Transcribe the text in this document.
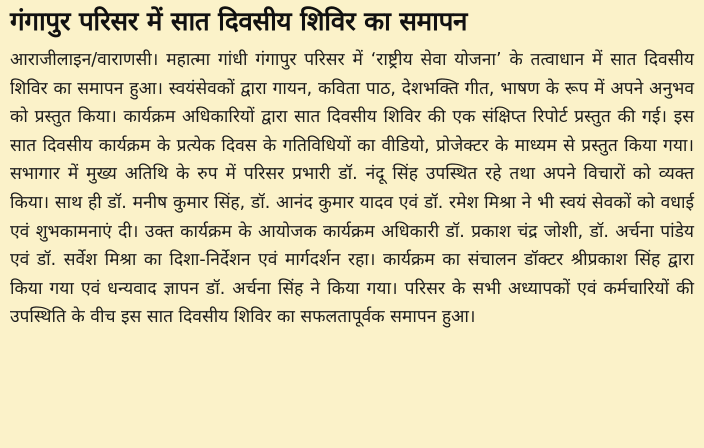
गंगापुर परिसर में सात दिवसीय शिविर का समापन

आराजीलाइन/वाराणसी। महात्मा गांधी गंगापुर परिसर में ‘राष्ट्रीय सेवा योजना’ के तत्वाधान में सात दिवसीय शिविर का समापन हुआ। स्वयंसेवकों द्वारा गायन, कविता पाठ, देशभक्ति गीत, भाषण के रूप में अपने अनुभव को प्रस्तुत किया। कार्यक्रम अधिकारियों द्वारा सात दिवसीय शिविर की एक संक्षिप्त रिपोर्ट प्रस्तुत की गई। इस सात दिवसीय कार्यक्रम के प्रत्येक दिवस के गतिविधियों का वीडियो, प्रोजेक्टर के माध्यम से प्रस्तुत किया गया। सभागार में मुख्य अतिथि के रुप में परिसर प्रभारी डॉ. नंदू सिंह उपस्थित रहे तथा अपने विचारों को व्यक्त किया। साथ ही डॉ. मनीष कुमार सिंह, डॉ. आनंद कुमार यादव एवं डॉ. रमेश मिश्रा ने भी स्वयं सेवकों को वधाई एवं शुभकामनाएं दी। उक्त कार्यक्रम के आयोजक कार्यक्रम अधिकारी डॉ. प्रकाश चंद्र जोशी, डॉ. अर्चना पांडेय एवं डॉ. सर्वेश मिश्रा का दिशा-निर्देशन एवं मार्गदर्शन रहा। कार्यक्रम का संचालन डॉक्टर श्रीप्रकाश सिंह द्वारा किया गया एवं धन्यवाद ज्ञापन डॉ. अर्चना सिंह ने किया गया। परिसर के सभी अध्यापकों एवं कर्मचारियों की उपस्थिति के वीच इस सात दिवसीय शिविर का सफलतापूर्वक समापन हुआ।
